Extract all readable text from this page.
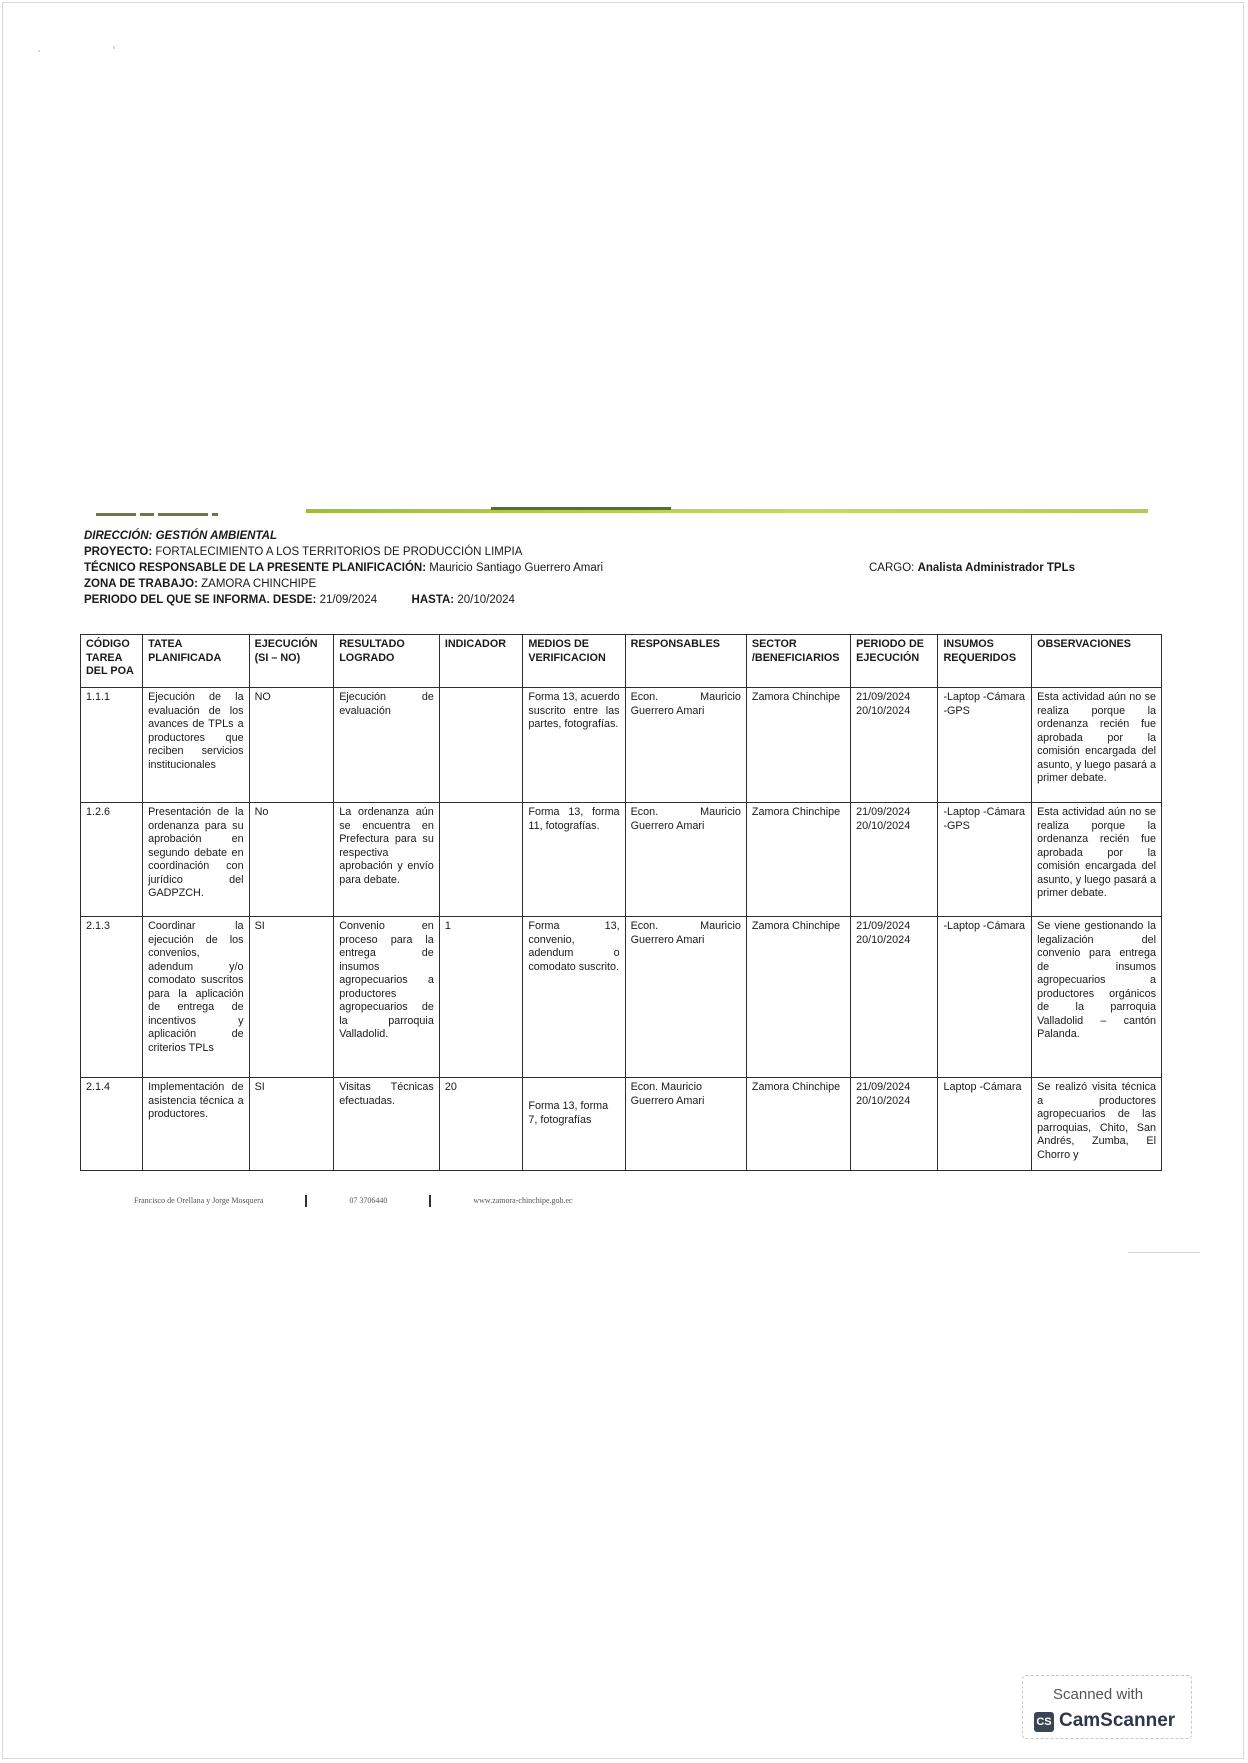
DIRECCIÓN: GESTIÓN AMBIENTAL
PROYECTO: FORTALECIMIENTO A LOS TERRITORIOS DE PRODUCCIÓN LIMPIA
TÉCNICO RESPONSABLE DE LA PRESENTE PLANIFICACIÓN: Mauricio Santiago Guerrero Amari	CARGO: Analista Administrador TPLs
ZONA DE TRABAJO: ZAMORA CHINCHIPE
PERIODO DEL QUE SE INFORMA. DESDE: 21/09/2024	HASTA: 20/10/2024
CÓDIGO TAREA DEL POA	TATEA PLANIFICADA	EJECUCIÓN (SI – NO)	RESULTADO LOGRADO	INDICADOR	MEDIOS DE VERIFICACION	RESPONSABLES	SECTOR /BENEFICIARIOS	PERIODO DE EJECUCIÓN	INSUMOS REQUERIDOS	OBSERVACIONES
1.1.1	Ejecución de la evaluación de los avances de TPLs a productores que reciben servicios institucionales	NO	Ejecución de evaluación		Forma 13, acuerdo suscrito entre las partes, fotografías.	Econ. Mauricio Guerrero Amari	Zamora Chinchipe	21/09/2024 20/10/2024	-Laptop -Cámara -GPS	Esta actividad aún no se realiza porque la ordenanza recién fue aprobada por la comisión encargada del asunto, y luego pasará a primer debate.
1.2.6	Presentación de la ordenanza para su aprobación en segundo debate en coordinación con jurídico del GADPZCH.	No	La ordenanza aún se encuentra en Prefectura para su respectiva aprobación y envío para debate.		Forma 13, forma 11, fotografías.	Econ. Mauricio Guerrero Amari	Zamora Chinchipe	21/09/2024 20/10/2024	-Laptop -Cámara -GPS	Esta actividad aún no se realiza porque la ordenanza recién fue aprobada por la comisión encargada del asunto, y luego pasará a primer debate.
2.1.3	Coordinar la ejecución de los convenios, adendum y/o comodato suscritos para la aplicación de entrega de incentivos y aplicación de criterios TPLs	SI	Convenio en proceso para la entrega de insumos agropecuarios a productores agropecuarios de la parroquia Valladolid.	1	Forma 13, convenio, adendum o comodato suscrito.	Econ. Mauricio Guerrero Amari	Zamora Chinchipe	21/09/2024 20/10/2024	-Laptop -Cámara	Se viene gestionando la legalización del convenio para entrega de insumos agropecuarios a productores orgánicos de la parroquia Valladolid – cantón Palanda.
2.1.4	Implementación de asistencia técnica a productores.	SI	Visitas Técnicas efectuadas.	20	Forma 13, forma 7, fotografías	Econ. Mauricio Guerrero Amari	Zamora Chinchipe	21/09/2024 20/10/2024	Laptop -Cámara	Se realizó visita técnica a productores agropecuarios de las parroquias, Chito, San Andrés, Zumba, El Chorro y
Francisco de Orellana y Jorge Mosquera	07 3706440	www.zamora-chinchipe.gob.ec
Scanned with
CS CamScanner
